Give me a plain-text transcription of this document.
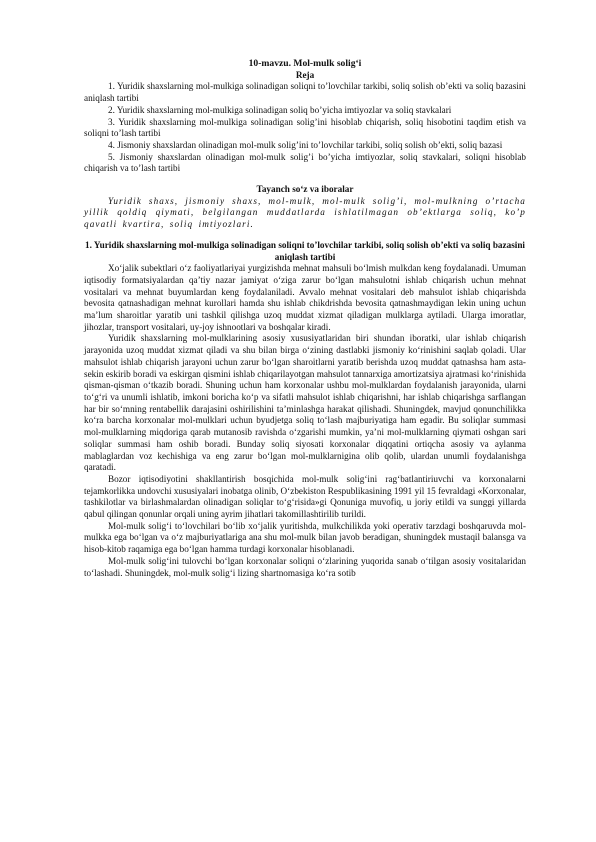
10-mavzu. Mol-mulk solig‘i
Reja

1. Yuridik shaxslarning mol-mulkiga solinadigan soliqni to’lovchilar tarkibi, soliq solish ob’ekti va soliq bazasini aniqlash tartibi

2. Yuridik shaxslarning mol-mulkiga solinadigan soliq bo’yicha imtiyozlar va soliq stavkalari

3. Yuridik shaxslarning mol-mulkiga solinadigan solig’ini hisoblab chiqarish, soliq hisobotini taqdim etish va soliqni to’lash tartibi

4. Jismoniy shaxslardan olinadigan mol-mulk solig’ini to’lovchilar tarkibi, soliq solish ob’ekti, soliq bazasi

5. Jismoniy shaxslardan olinadigan mol-mulk solig’i bo’yicha imtiyozlar, soliq stavkalari, soliqni hisoblab chiqarish va to’lash tartibi

Tayanch so‘z va iboralar

Yuridik shaxs, jismoniy shaxs, mol-mulk, mol-mulk solig’i, mol-mulkning o’rtacha yillik qoldiq qiymati, belgilangan muddatlarda ishlatilmagan ob’ektlarga soliq, ko’p qavatli kvartira, soliq imtiyozlari.

1. Yuridik shaxslarning mol-mulkiga solinadigan soliqni to’lovchilar tarkibi, soliq solish ob’ekti va soliq bazasini aniqlash tartibi

Xo‘jalik subektlari o‘z faoliyatlariyai yurgizishda mehnat mahsuli bo‘lmish mulkdan keng foydalanadi. Umuman iqtisodiy formatsiyalardan qa’tiy nazar jamiyat o‘ziga zarur bo‘lgan mahsulotni ishlab chiqarish uchun mehnat vositalari va mehnat buyumlardan keng foydalaniladi. Avvalo mehnat vositalari deb mahsulot ishlab chiqarishda bevosita qatnashadigan mehnat kurollari hamda shu ishlab chikdrishda bevosita qatnashmaydigan lekin uning uchun ma’lum sharoitlar yaratib uni tashkil qilishga uzoq muddat xizmat qiladigan mulklarga aytiladi. Ularga imoratlar, jihozlar, transport vositalari, uy-joy ishnootlari va boshqalar kiradi.

Yuridik shaxslarning mol-mulklarining asosiy xususiyatlaridan biri shundan iboratki, ular ishlab chiqarish jarayonida uzoq muddat xizmat qiladi va shu bilan birga o‘zining dastlabki jismoniy ko‘rinishini saqlab qoladi. Ular mahsulot ishlab chiqarish jarayoni uchun zarur bo‘lgan sharoitlarni yaratib berishda uzoq muddat qatnashsa ham asta-sekin eskirib boradi va eskirgan qismini ishlab chiqarilayotgan mahsulot tannarxiga amortizatsiya ajratmasi ko‘rinishida qisman-qisman o‘tkazib boradi. Shuning uchun ham korxonalar ushbu mol-mulklardan foydalanish jarayonida, ularni to‘g‘ri va unumli ishlatib, imkoni boricha ko‘p va sifatli mahsulot ishlab chiqarishni, har ishlab chiqarishga sarflangan har bir so‘mning rentabellik darajasini oshirilishini ta’minlashga harakat qilishadi. Shuningdek, mavjud qonunchilikka ko‘ra barcha korxonalar mol-mulklari uchun byudjetga soliq to‘lash majburiyatiga ham egadir. Bu soliqlar summasi mol-mulklarning miqdoriga qarab mutanosib ravishda o‘zgarishi mumkin, ya’ni mol-mulklarning qiymati oshgan sari soliqlar summasi ham oshib boradi. Bunday soliq siyosati korxonalar diqqatini ortiqcha asosiy va aylanma mablaglardan voz kechishiga va eng zarur bo‘lgan mol-mulklarnigina olib qolib, ulardan unumli foydalanishga qaratadi.

Bozor iqtisodiyotini shakllantirish bosqichida mol-mulk solig‘ini rag‘batlantiriuvchi va korxonalarni tejamkorlikka undovchi xususiyalari inobatga olinib, O‘zbekiston Respublikasining 1991 yil 15 fevraldagi «Korxonalar, tashkilotlar va birlashmalardan olinadigan soliqlar to‘g‘risida»gi Qonuniga muvofiq, u joriy etildi va sunggi yillarda qabul qilingan qonunlar orqali uning ayrim jihatlari takomillashtirilib turildi.

Mol-mulk solig‘i to‘lovchilari bo‘lib xo‘jalik yuritishda, mulkchilikda yoki operativ tarzdagi boshqaruvda mol-mulkka ega bo‘lgan va o‘z majburiyatlariga ana shu mol-mulk bilan javob beradigan, shuningdek mustaqil balansga va hisob-kitob raqamiga ega bo‘lgan hamma turdagi korxonalar hisoblanadi.

Mol-mulk solig‘ini tulovchi bo‘lgan korxonalar soliqni o‘zlarining yuqorida sanab o‘tilgan asosiy vositalaridan to‘lashadi. Shuningdek, mol-mulk solig‘i lizing shartnomasiga ko‘ra sotib
